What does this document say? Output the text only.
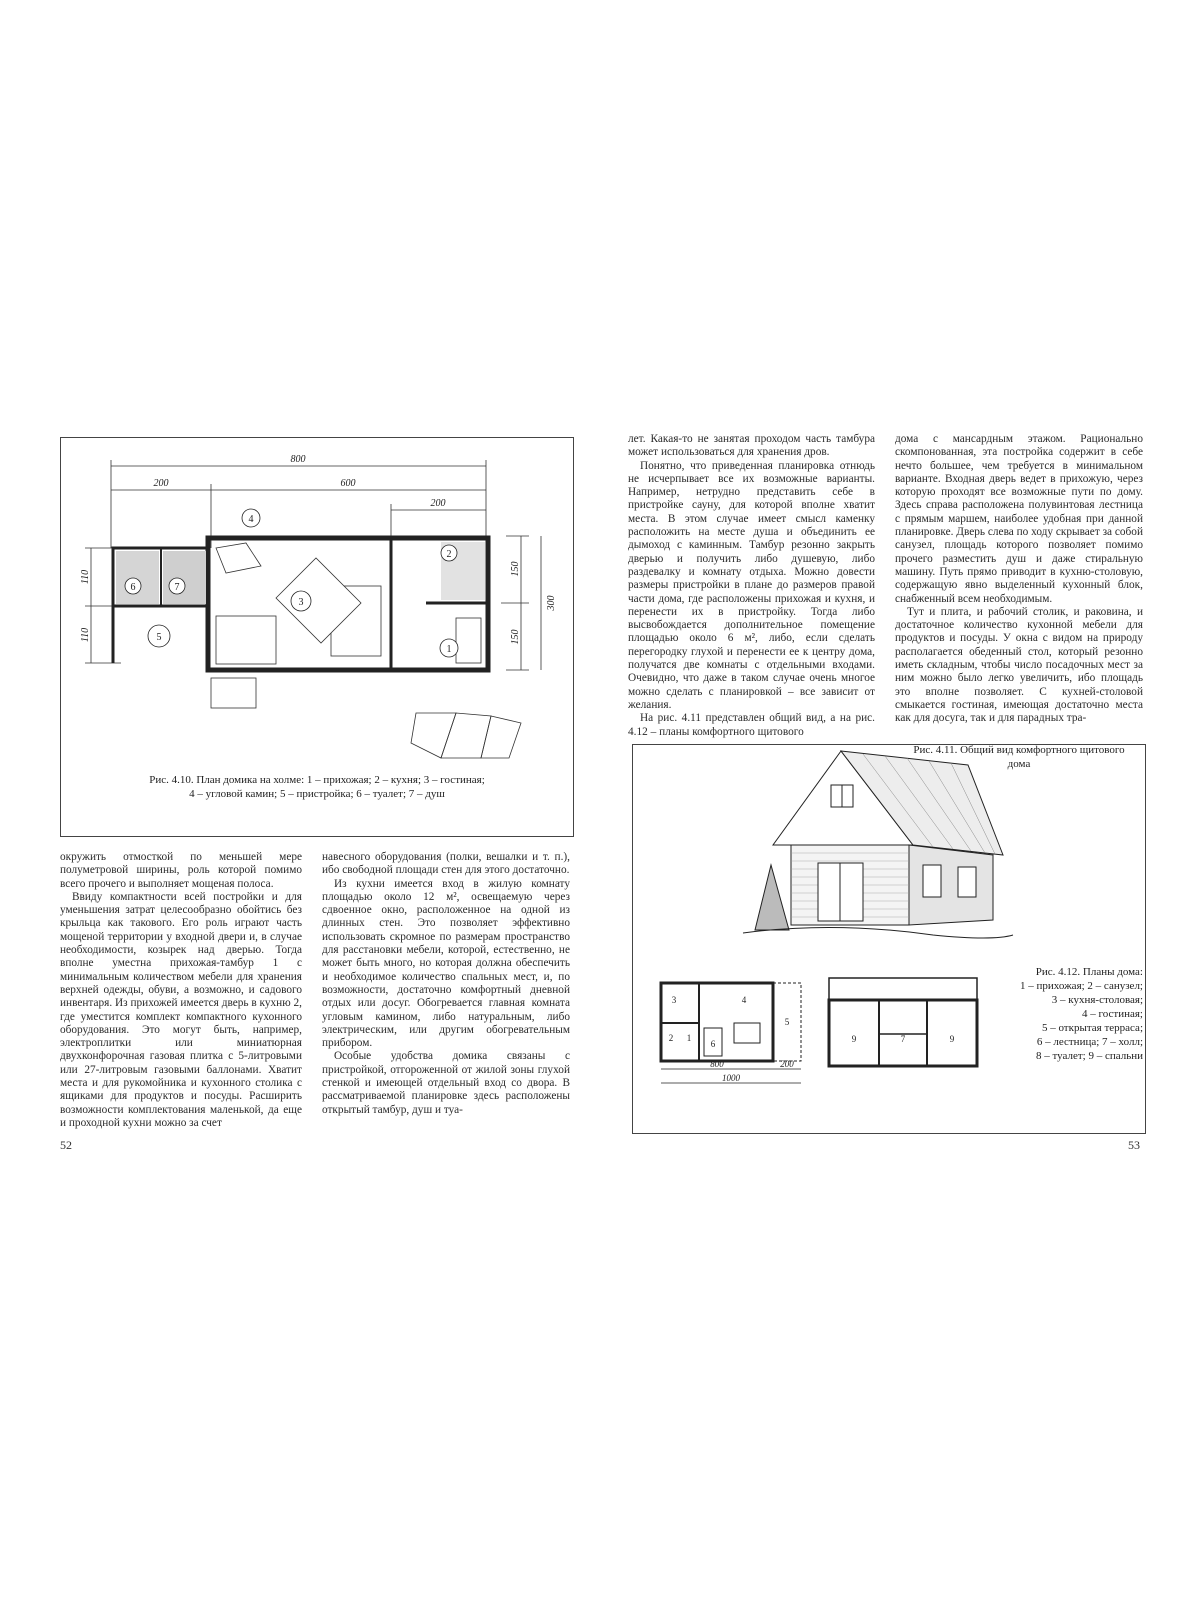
1
2
3
4
5
6	7
800
200	600
200
110
110
150
150
300
Рис. 4.10. План домика на холме: 1 – прихожая; 2 – кухня; 3 – гостиная;
4 – угловой камин; 5 – пристройка; 6 – туалет; 7 – душ

окружить отмосткой по меньшей мере полуметровой ширины, роль которой помимо всего прочего и выполняет мощеная полоса.

Ввиду компактности всей постройки и для уменьшения затрат целесообразно обойтись без крыльца как такового. Его роль играют часть мощеной территории у входной двери и, в случае необходимости, козырек над дверью. Тогда вполне уместна прихожая-тамбур 1 с минимальным количеством мебели для хранения верхней одежды, обуви, а возможно, и садового инвентаря. Из прихожей имеется дверь в кухню 2, где уместится комплект компактного кухонного оборудования. Это могут быть, например, электроплитки или миниатюрная двухконфорочная газовая плитка с 5-литровыми или 27-литровым газовыми баллонами. Хватит места и для рукомойника и кухонного столика с ящиками для продуктов и посуды. Расширить возможности комплектования маленькой, да еще и проходной кухни можно за счет

навесного оборудования (полки, вешалки и т. п.), ибо свободной площади стен для этого достаточно.

Из кухни имеется вход в жилую комнату площадью около 12 м², освещаемую через сдвоенное окно, расположенное на одной из длинных стен. Это позволяет эффективно использовать скромное по размерам пространство для расстановки мебели, которой, естественно, не может быть много, но которая должна обеспечить и необходимое количество спальных мест, и, по возможности, достаточно комфортный дневной отдых или досуг. Обогревается главная комната угловым камином, либо натуральным, либо электрическим, или другим обогревательным прибором.

Особые удобства домика связаны с пристройкой, отгороженной от жилой зоны глухой стенкой и имеющей отдельный вход со двора. В рассматриваемой планировке здесь расположены открытый тамбур, душ и туа-

52

лет. Какая-то не занятая проходом часть тамбура может использоваться для хранения дров.

Понятно, что приведенная планировка отнюдь не исчерпывает все их возможные варианты. Например, нетрудно представить себе в пристройке сауну, для которой вполне хватит места. В этом случае имеет смысл каменку расположить на месте душа и объединить ее дымоход с каминным. Тамбур резонно закрыть дверью и получить либо душевую, либо раздевалку и комнату отдыха. Можно довести размеры пристройки в плане до размеров правой части дома, где расположены прихожая и кухня, и перенести их в пристройку. Тогда либо высвобождается дополнительное помещение площадью около 6 м², либо, если сделать перегородку глухой и перенести ее к центру дома, получатся две комнаты с отдельными входами. Очевидно, что даже в таком случае очень многое можно сделать с планировкой – все зависит от желания.

На рис. 4.11 представлен общий вид, а на рис. 4.12 – планы комфортного щитового

дома с мансардным этажом. Рационально скомпонованная, эта постройка содержит в себе нечто большее, чем требуется в минимальном варианте. Входная дверь ведет в прихожую, через которую проходят все возможные пути по дому. Здесь справа расположена полувинтовая лестница с прямым маршем, наиболее удобная при данной планировке. Дверь слева по ходу скрывает за собой санузел, площадь которого позволяет помимо прочего разместить душ и даже стиральную машину. Путь прямо приводит в кухню-столовую, содержащую явно выделенный кухонный блок, снабженный всем необходимым.

Тут и плита, и рабочий столик, и раковина, и достаточное количество кухонной мебели для продуктов и посуды. У окна с видом на природу располагается обеденный стол, который резонно иметь складным, чтобы число посадочных мест за ним можно было легко увеличить, ибо площадь это вполне позволяет. С кухней-столовой смыкается гостиная, имеющая достаточно места как для досуга, так и для парадных тра-

Рис. 4.11. Общий вид комфортного щитового
дома
3	4
5
2 1
6
800	200
1000
9	7	9
Рис. 4.12. Планы дома:
1 – прихожая; 2 – санузел;
3 – кухня-столовая;
4 – гостиная;
5 – открытая терраса;
6 – лестница; 7 – холл;
8 – туалет; 9 – спальни
53
